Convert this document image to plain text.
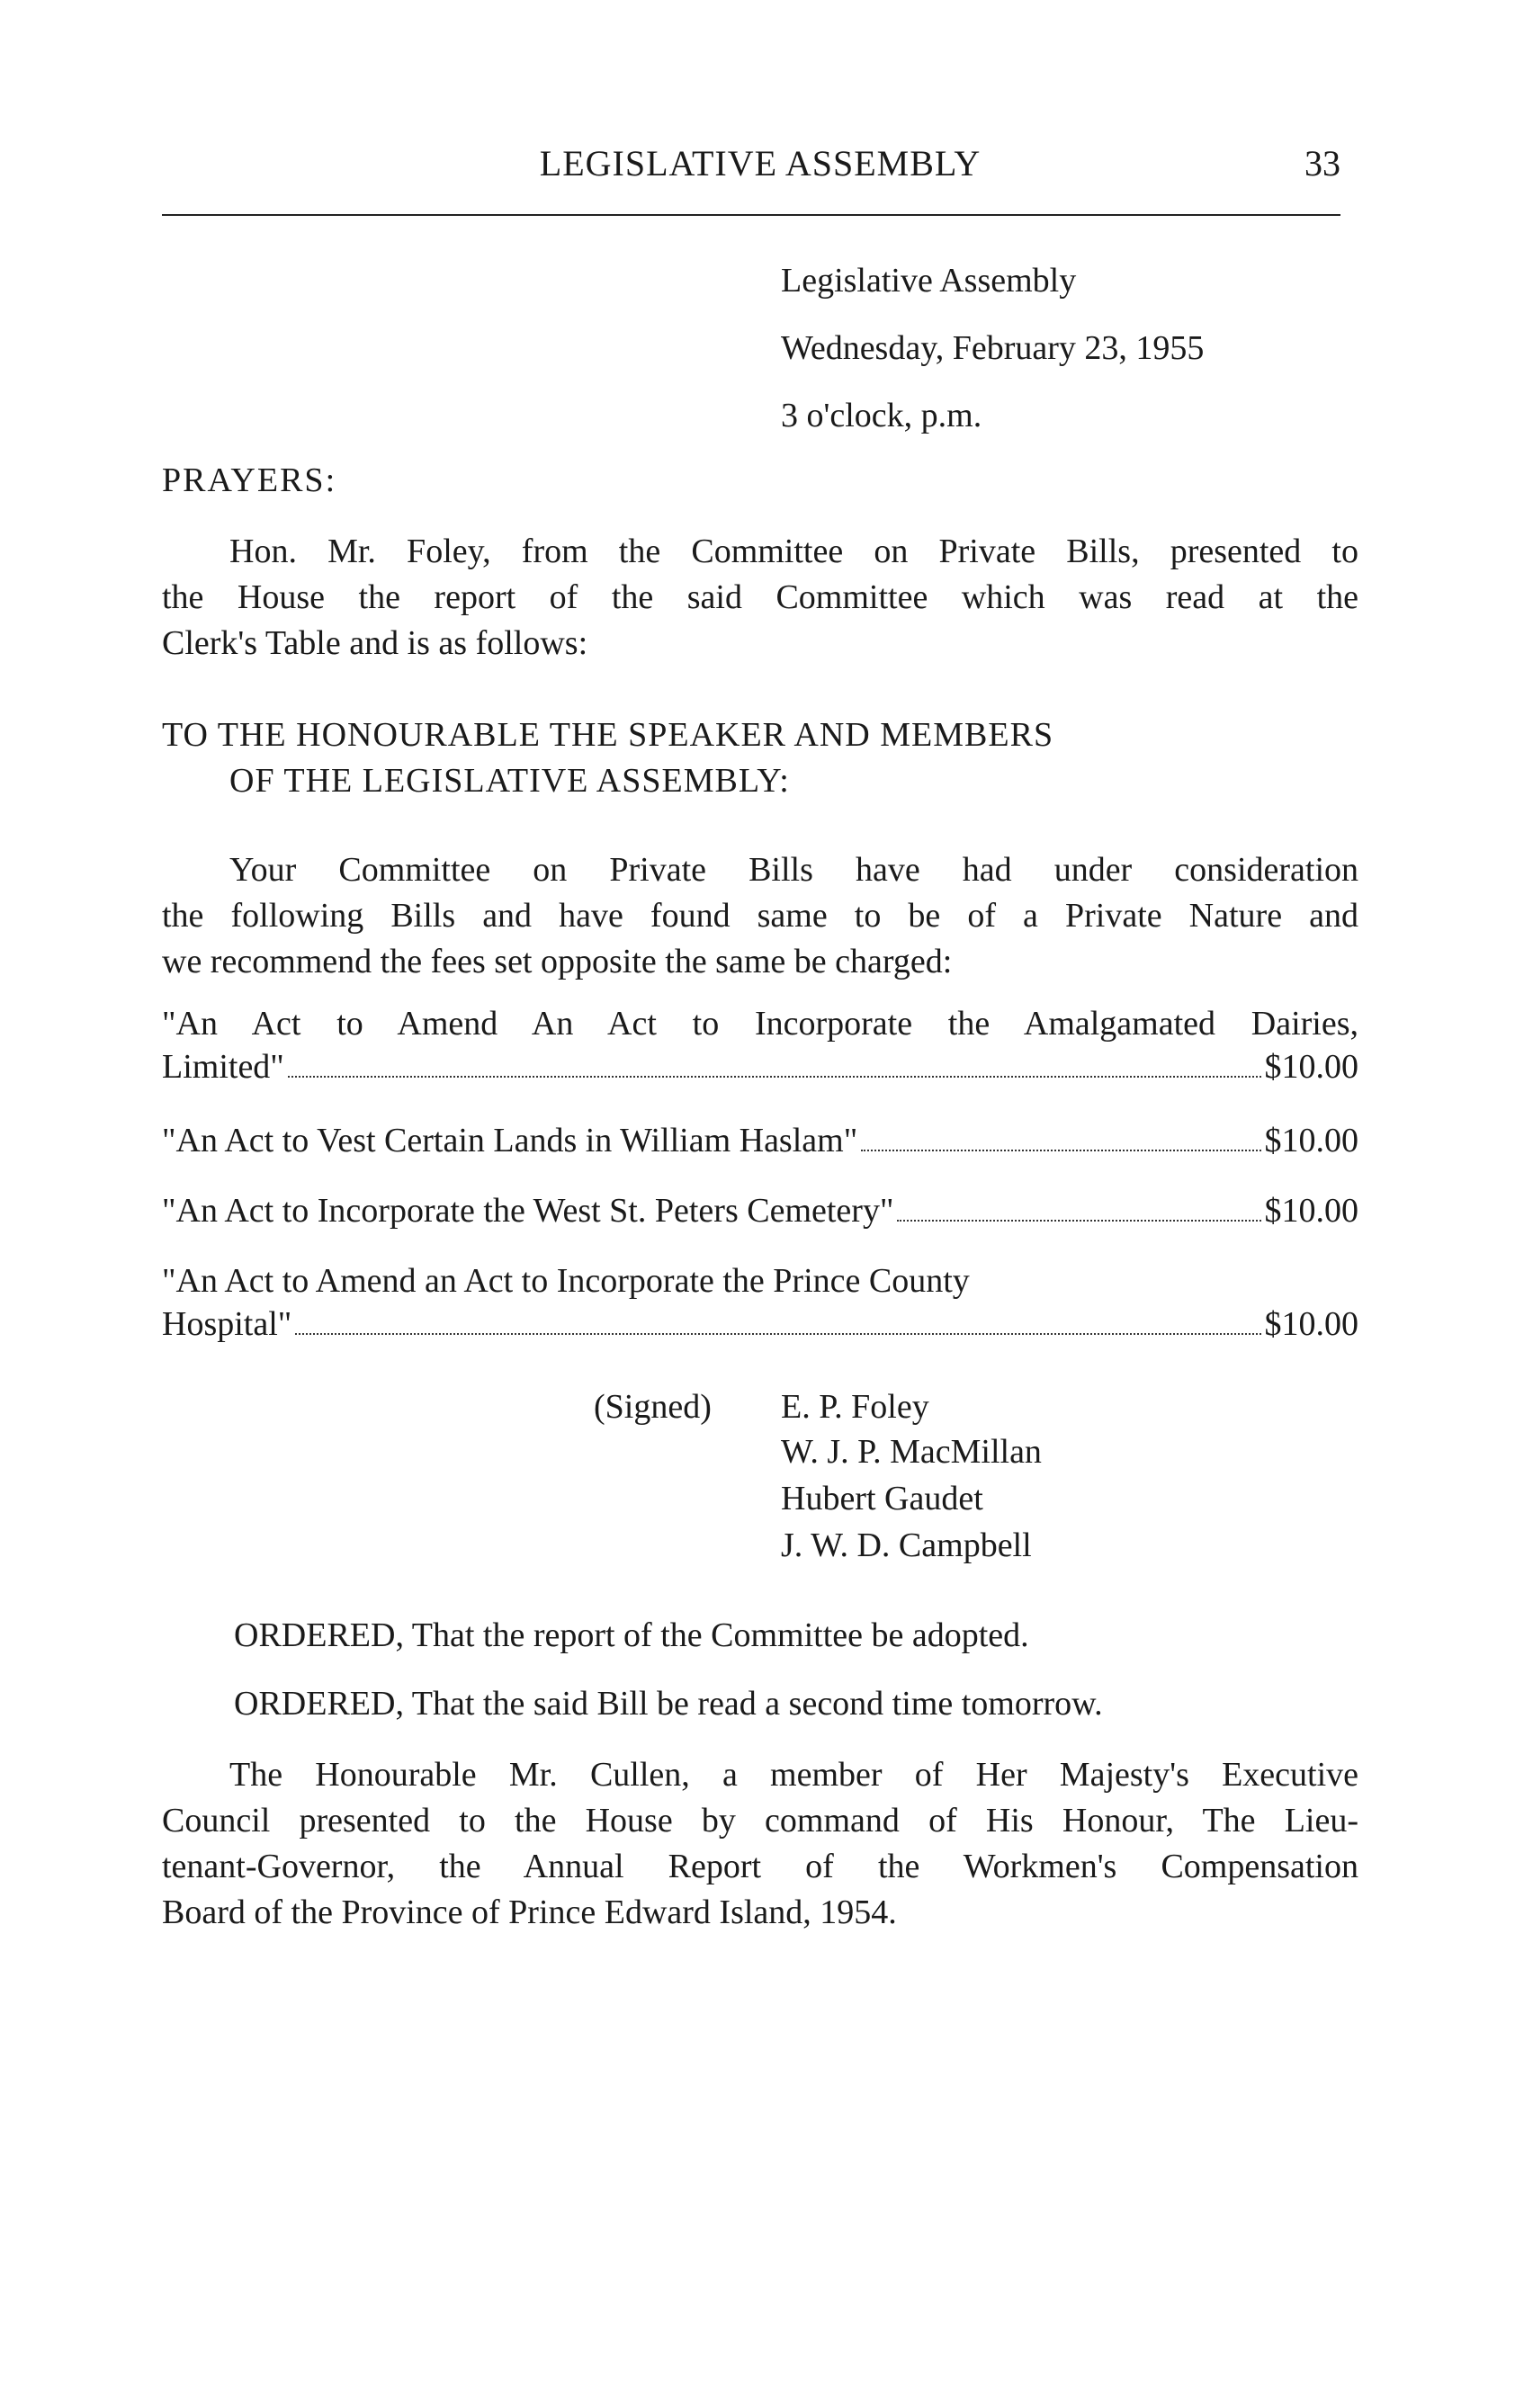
LEGISLATIVE ASSEMBLY	33
Legislative Assembly
Wednesday, February 23, 1955
3 o'clock, p.m.
PRAYERS:
Hon. Mr. Foley, from the Committee on Private Bills, presented to
the House the report of the said Committee which was read at the
Clerk's Table and is as follows:
TO THE HONOURABLE THE SPEAKER AND MEMBERS
OF THE LEGISLATIVE ASSEMBLY:
Your Committee on Private Bills have had under consideration
the following Bills and have found same to be of a Private Nature and
we recommend the fees set opposite the same be charged:
"An Act to Amend An Act to Incorporate the Amalgamated Dairies,
Limited"	$10.00
"An Act to Vest Certain Lands in William Haslam"	$10.00
"An Act to Incorporate the West St. Peters Cemetery"	$10.00
"An Act to Amend an Act to Incorporate the Prince County
Hospital"	$10.00
(Signed) E. P. Foley
W. J. P. MacMillan
Hubert Gaudet
J. W. D. Campbell
ORDERED, That the report of the Committee be adopted.
ORDERED, That the said Bill be read a second time tomorrow.
The Honourable Mr. Cullen, a member of Her Majesty's Executive
Council presented to the House by command of His Honour, The Lieu-
tenant-Governor, the Annual Report of the Workmen's Compensation
Board of the Province of Prince Edward Island, 1954.
